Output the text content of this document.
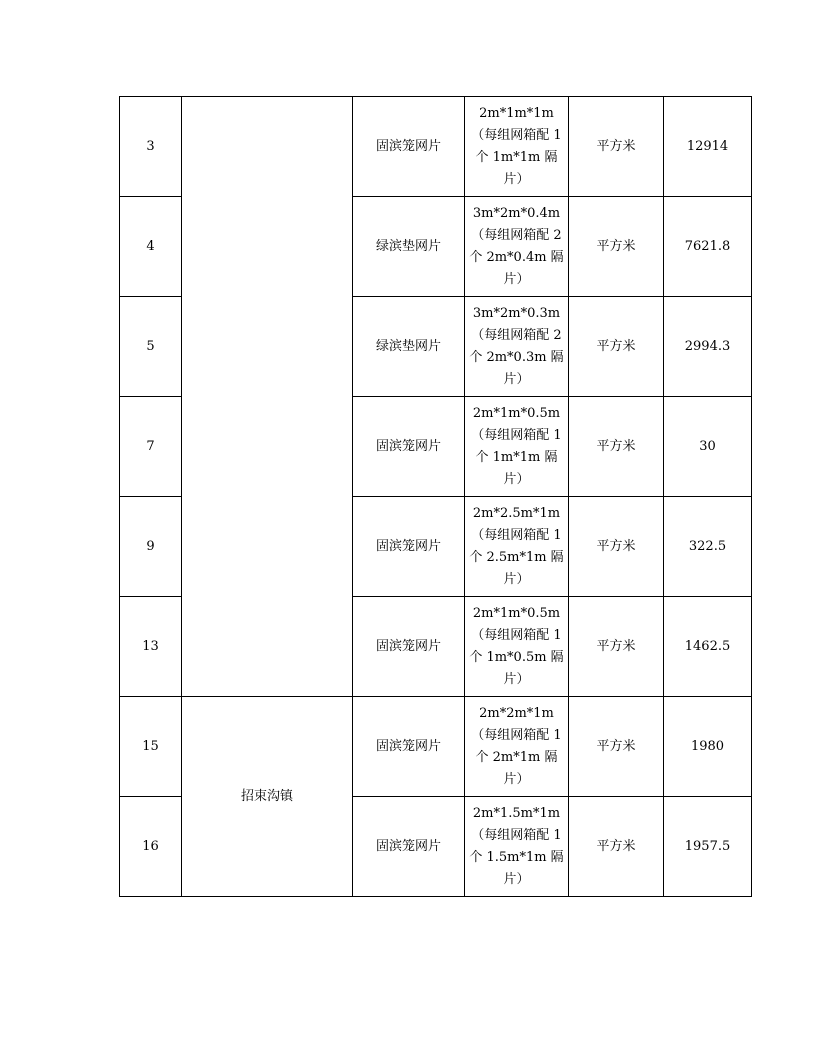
3		固滨笼网片	2m*1m*1m（每组网箱配 1 个 1m*1m 隔片）	平方米	12914
4		绿滨垫网片	3m*2m*0.4m（每组网箱配 2 个 2m*0.4m 隔片）	平方米	7621.8
5		绿滨垫网片	3m*2m*0.3m（每组网箱配 2 个 2m*0.3m 隔片）	平方米	2994.3
7		固滨笼网片	2m*1m*0.5m（每组网箱配 1 个 1m*1m 隔片）	平方米	30
9		固滨笼网片	2m*2.5m*1m（每组网箱配 1 个 2.5m*1m 隔片）	平方米	322.5
13		固滨笼网片	2m*1m*0.5m（每组网箱配 1 个 1m*0.5m 隔片）	平方米	1462.5
15	招束沟镇	固滨笼网片	2m*2m*1m（每组网箱配 1 个 2m*1m 隔片）	平方米	1980
16		固滨笼网片	2m*1.5m*1m（每组网箱配 1 个 1.5m*1m 隔片）	平方米	1957.5
